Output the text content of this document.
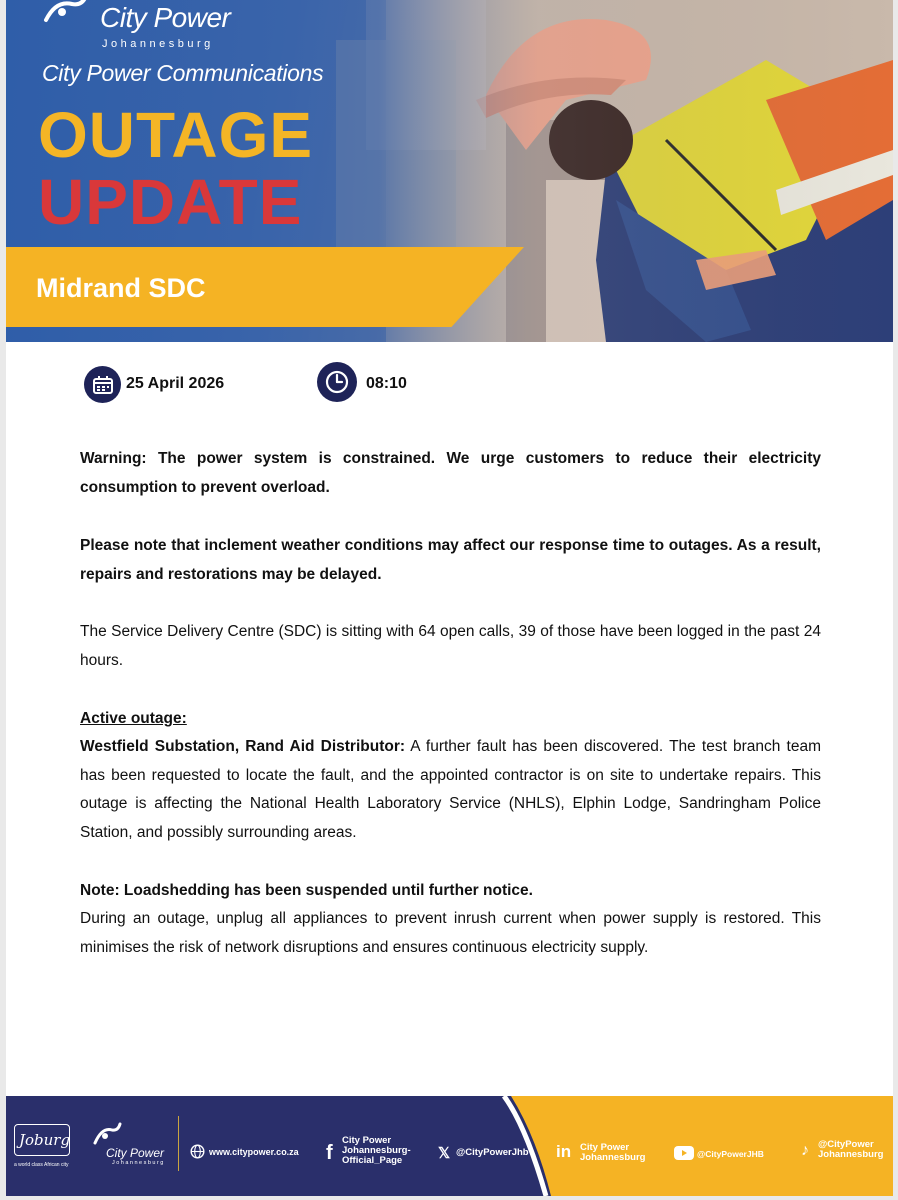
City Power
Johannesburg
City Power Communications
OUTAGE
UPDATE
Midrand SDC
25 April 2026	08:10

Warning: The power system is constrained. We urge customers to reduce their electricity consumption to prevent overload.

Please note that inclement weather conditions may affect our response time to outages. As a result, repairs and restorations may be delayed.

The Service Delivery Centre (SDC) is sitting with 64 open calls, 39 of those have been logged in the past 24 hours.

Active outage:

Westfield Substation, Rand Aid Distributor: A further fault has been discovered. The test branch team has been requested to locate the fault, and the appointed contractor is on site to undertake repairs. This outage is affecting the National Health Laboratory Service (NHLS), Elphin Lodge, Sandringham Police Station, and possibly surrounding areas.

Note: Loadshedding has been suspended until further notice.

During an outage, unplug all appliances to prevent inrush current when power supply is restored. This minimises the risk of network disruptions and ensures continuous electricity supply.

Joburg
a world class African city
City Power
Johannesburg
www.citypower.co.za f
City Power
Johannesburg-
Official_Page	𝕏 @CityPowerJhb in City Power
Johannesburg	@CityPowerJHB ♪ @CityPower
Johannesburg
